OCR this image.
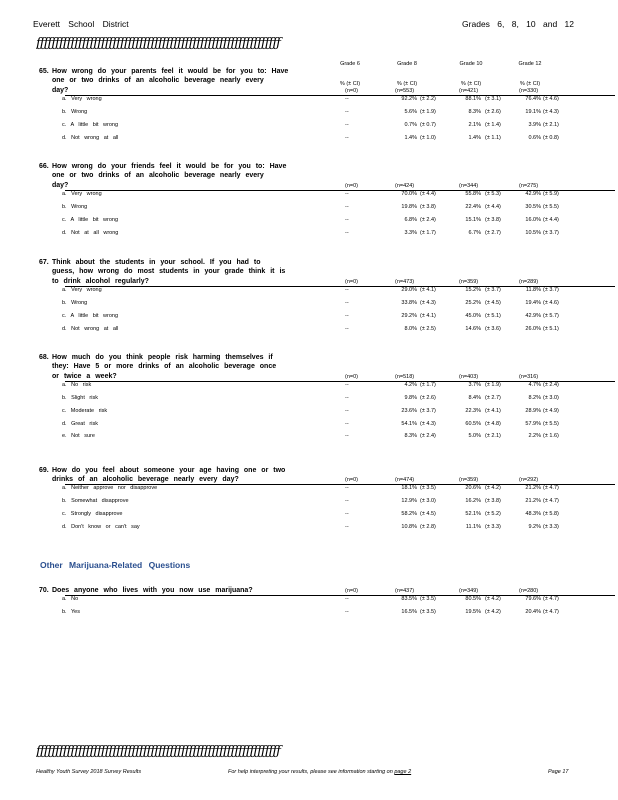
Everett School District	Grades 6, 8, 10 and 12
ƒƒƒƒƒƒƒƒƒƒƒƒƒƒƒƒƒƒƒƒƒƒƒƒƒƒƒƒƒƒƒƒƒƒƒƒƒƒƒƒƒƒƒƒƒƒƒƒƒƒƒƒƒƒƒƒƒƒƒƒƒƒƒƒ
Grade 6	Grade 8	Grade 10	Grade 12
% (± CI)	% (± CI)	% (± CI)	% (± CI)
65. How wrong do your parents feel it would be for you to: Have
one or two drinks of an alcoholic beverage nearly every
day?	(n=0)	(n=553)	(n=421)	(n=330)
a. Very wrong	--	92.2% (± 2.2)	88.1% (± 3.1)	76.4% (± 4.6)
b. Wrong	--	5.6% (± 1.9)	8.3% (± 2.6)	19.1% (± 4.3)
c. A little bit wrong	--	0.7% (± 0.7)	2.1% (± 1.4)	3.9% (± 2.1)
d. Not wrong at all	--	1.4% (± 1.0)	1.4% (± 1.1)	0.6% (± 0.8)
66. How wrong do your friends feel it would be for you to: Have
one or two drinks of an alcoholic beverage nearly every
day?	(n=0)	(n=424)	(n=344)	(n=275)
a. Very wrong	--	70.0% (± 4.4)	55.8% (± 5.3)	42.9% (± 5.9)
b. Wrong	--	19.8% (± 3.8)	22.4% (± 4.4)	30.5% (± 5.5)
c. A little bit wrong	--	6.8% (± 2.4)	15.1% (± 3.8)	16.0% (± 4.4)
d. Not at all wrong	--	3.3% (± 1.7)	6.7% (± 2.7)	10.5% (± 3.7)
67. Think about the students in your school. If you had to
guess, how wrong do most students in your grade think it is
to drink alcohol regularly?	(n=0)	(n=473)	(n=359)	(n=289)
a. Very wrong	--	29.0% (± 4.1)	15.2% (± 3.7)	11.8% (± 3.7)
b. Wrong	--	33.8% (± 4.3)	25.2% (± 4.5)	19.4% (± 4.6)
c. A little bit wrong	--	29.2% (± 4.1)	45.0% (± 5.1)	42.9% (± 5.7)
d. Not wrong at all	--	8.0% (± 2.5)	14.6% (± 3.6)	26.0% (± 5.1)
68. How much do you think people risk harming themselves if
they: Have 5 or more drinks of an alcoholic beverage once
or twice a week?	(n=0)	(n=518)	(n=403)	(n=316)
a. No risk	--	4.2% (± 1.7)	3.7% (± 1.9)	4.7% (± 2.4)
b. Slight risk	--	9.8% (± 2.6)	8.4% (± 2.7)	8.2% (± 3.0)
c. Moderate risk	--	23.6% (± 3.7)	22.3% (± 4.1)	28.9% (± 4.9)
d. Great risk	--	54.1% (± 4.3)	60.5% (± 4.8)	57.9% (± 5.5)
e. Not sure	--	8.3% (± 2.4)	5.0% (± 2.1)	2.2% (± 1.6)
69. How do you feel about someone your age having one or two
drinks of an alcoholic beverage nearly every day?	(n=0)	(n=474)	(n=359)	(n=292)
a. Neither approve nor disapprove	--	18.1% (± 3.5)	20.6% (± 4.2)	21.2% (± 4.7)
b. Somewhat disapprove	--	12.9% (± 3.0)	16.2% (± 3.8)	21.2% (± 4.7)
c. Strongly disapprove	--	58.2% (± 4.5)	52.1% (± 5.2)	48.3% (± 5.8)
d. Don't know or can't say	--	10.8% (± 2.8)	11.1% (± 3.3)	9.2% (± 3.3)
70. Does anyone who lives with you now use marijuana?	(n=0)	(n=437)	(n=349)	(n=280)
a. No	--	83.5% (± 3.5)	80.5% (± 4.2)	79.6% (± 4.7)
b. Yes	--	16.5% (± 3.5)	19.5% (± 4.2)	20.4% (± 4.7)
Other Marijuana-Related Questions
ƒƒƒƒƒƒƒƒƒƒƒƒƒƒƒƒƒƒƒƒƒƒƒƒƒƒƒƒƒƒƒƒƒƒƒƒƒƒƒƒƒƒƒƒƒƒƒƒƒƒƒƒƒƒƒƒƒƒƒƒƒƒƒƒ
Healthy Youth Survey 2018 Survey Results	For help interpreting your results, please see information starting on page 2	Page 17
